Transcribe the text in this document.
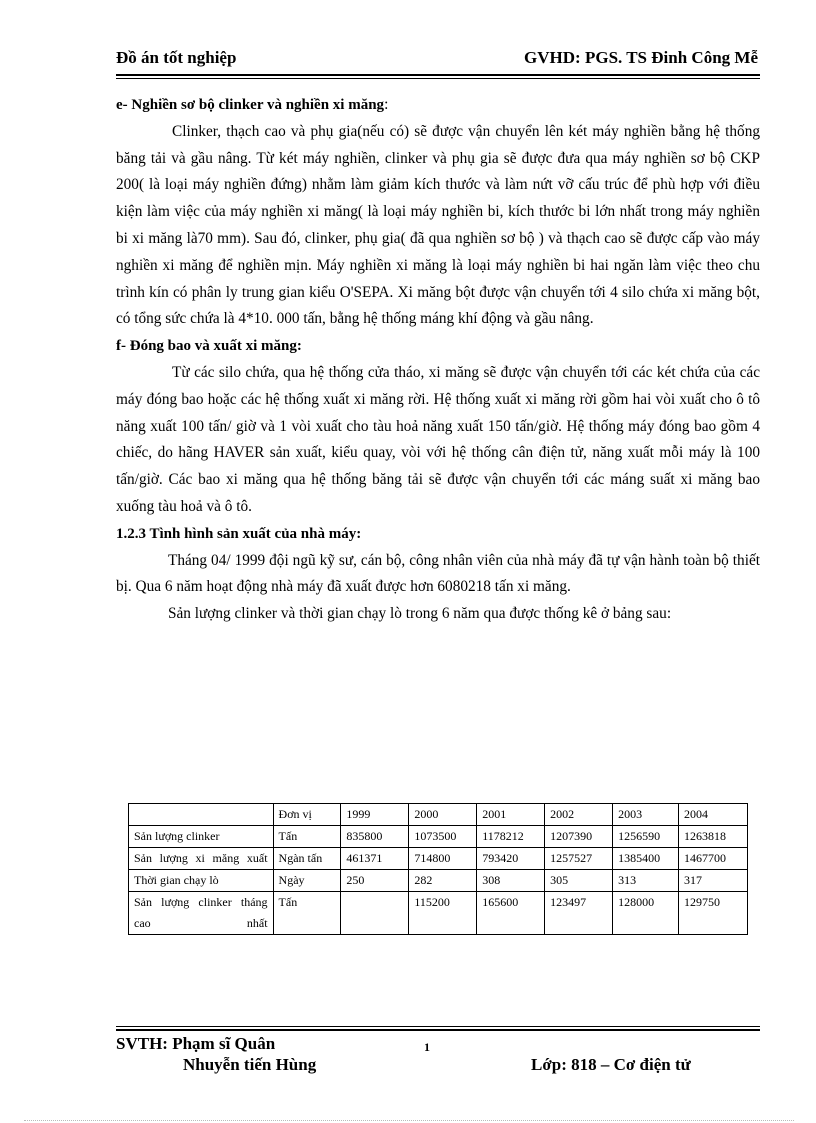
Đồ án tốt nghiệp	GVHD: PGS. TS Đinh Công Mễ
e- Nghiền sơ bộ clinker và nghiền xi măng:

Clinker, thạch cao và phụ gia(nếu có) sẽ được vận chuyển lên két máy nghiền bằng hệ thống băng tải và gầu nâng. Từ két máy nghiền, clinker và phụ gia sẽ được đưa qua máy nghiền sơ bộ CKP 200( là loại máy nghiền đứng) nhằm làm giảm kích thước và làm nứt vỡ cấu trúc để phù hợp với điều kiện làm việc của máy nghiền xi măng( là loại máy nghiền bi, kích thước bi lớn nhất trong máy nghiền bi xi măng là70 mm). Sau đó, clinker, phụ gia( đã qua nghiền sơ bộ ) và thạch cao sẽ được cấp vào máy nghiền xi măng để nghiền mịn. Máy nghiền xi măng là loại máy nghiền bi hai ngăn làm việc theo chu trình kín có phân ly trung gian kiểu O'SEPA. Xi măng bột được vận chuyển tới 4 silo chứa xi măng bột, có tổng sức chứa là 4*10. 000 tấn, bằng hệ thống máng khí động và gầu nâng.

f- Đóng bao và xuất xi măng:

Từ các silo chứa, qua hệ thống cửa tháo, xi măng sẽ được vận chuyển tới các két chứa của các máy đóng bao hoặc các hệ thống xuất xi măng rời. Hệ thống xuất xi măng rời gồm hai vòi xuất cho ô tô năng xuất 100 tấn/ giờ và 1 vòi xuất cho tàu hoả năng xuất 150 tấn/giờ. Hệ thống máy đóng bao gồm 4 chiếc, do hãng HAVER sản xuất, kiểu quay, vòi với hệ thống cân điện tử, năng xuất mỗi máy là 100 tấn/giờ. Các bao xi măng qua hệ thống băng tải sẽ được vận chuyển tới các máng suất xi măng bao xuống tàu hoả và ô tô.

1.2.3 Tình hình sản xuất của nhà máy:

Tháng 04/ 1999 đội ngũ kỹ sư, cán bộ, công nhân viên của nhà máy đã tự vận hành toàn bộ thiết bị. Qua 6 năm hoạt động nhà máy đã xuất được hơn 6080218 tấn xi măng.

Sản lượng clinker và thời gian chạy lò trong 6 năm qua được thống kê ở bảng sau:

	Đơn vị	1999	2000	2001	2002	2003	2004
Sản lượng clinker	Tấn	835800	1073500	1178212	1207390	1256590	1263818
Sản lượng xi măng xuất	Ngàn tấn	461371	714800	793420	1257527	1385400	1467700
Thời gian chạy lò	Ngày	250	282	308	305	313	317
Sản lượng clinker tháng cao nhất	Tấn		115200	165600	123497	128000	129750
SVTH: Phạm sĩ Quân	1
Nhuyễn tiến Hùng	Lớp: 818 – Cơ điện tử
